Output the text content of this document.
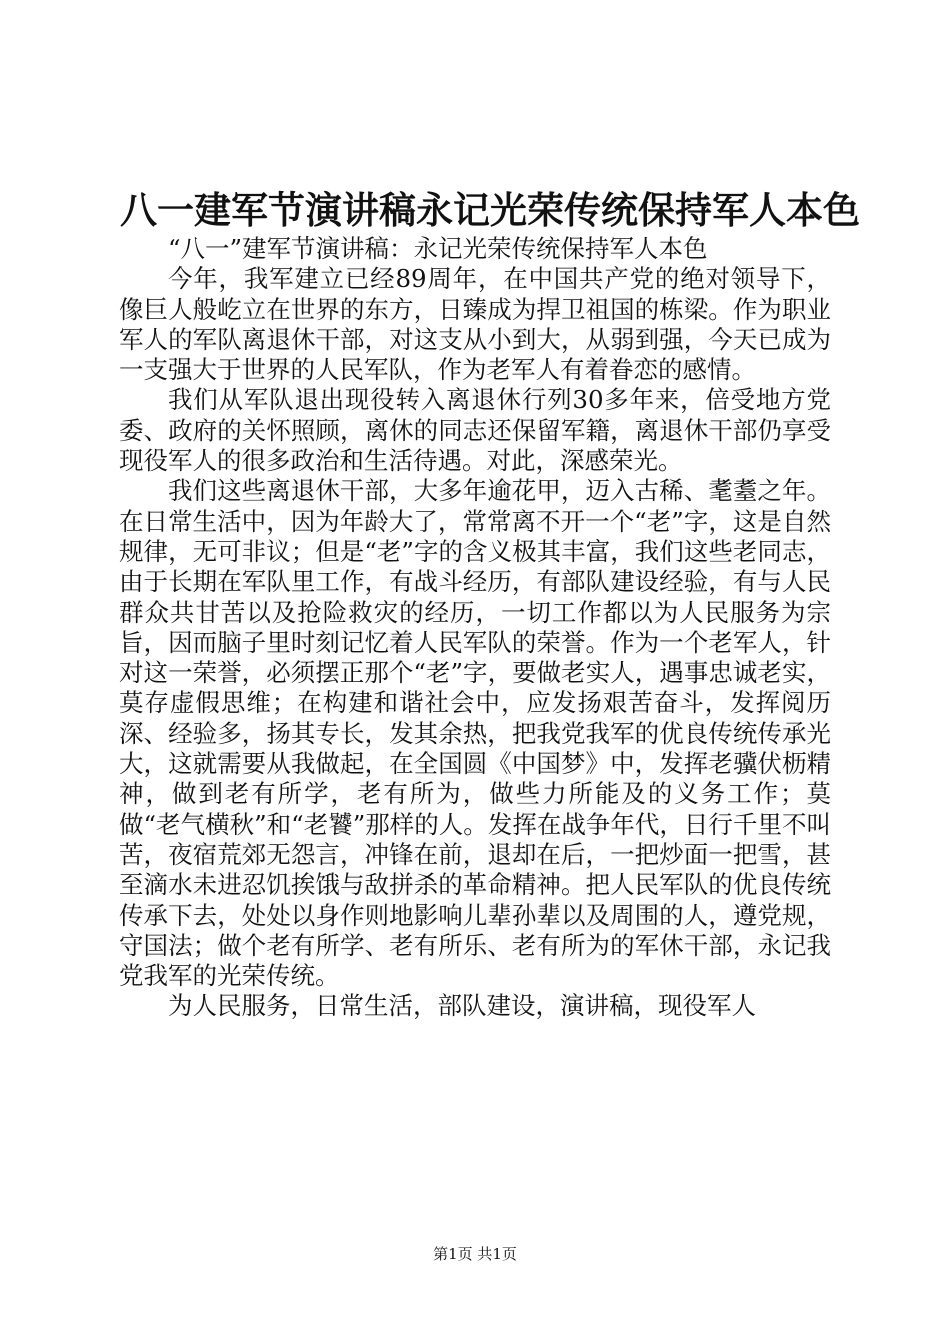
八一建军节演讲稿永记光荣传统保持军人本色

“八一”建军节演讲稿：永记光荣传统保持军人本色

今年，我军建立已经89周年，在中国共产党的绝对领导下，像巨人般屹立在世界的东方，日臻成为捍卫祖国的栋梁。作为职业军人的军队离退休干部，对这支从小到大，从弱到强，今天已成为一支强大于世界的人民军队，作为老军人有着眷恋的感情。

我们从军队退出现役转入离退休行列30多年来，倍受地方党委、政府的关怀照顾，离休的同志还保留军籍，离退休干部仍享受现役军人的很多政治和生活待遇。对此，深感荣光。

我们这些离退休干部，大多年逾花甲，迈入古稀、耄耋之年。在日常生活中，因为年龄大了，常常离不开一个“老”字，这是自然规律，无可非议；但是“老”字的含义极其丰富，我们这些老同志，由于长期在军队里工作，有战斗经历，有部队建设经验，有与人民群众共甘苦以及抢险救灾的经历，一切工作都以为人民服务为宗旨，因而脑子里时刻记忆着人民军队的荣誉。作为一个老军人，针对这一荣誉，必须摆正那个“老”字，要做老实人，遇事忠诚老实，莫存虚假思维；在构建和谐社会中，应发扬艰苦奋斗，发挥阅历深、经验多，扬其专长，发其余热，把我党我军的优良传统传承光大，这就需要从我做起，在全国圆《中国梦》中，发挥老骥伏枥精神，做到老有所学，老有所为，做些力所能及的义务工作；莫做“老气横秋”和“老饕”那样的人。发挥在战争年代，日行千里不叫苦，夜宿荒郊无怨言，冲锋在前，退却在后，一把炒面一把雪，甚至滴水未进忍饥挨饿与敌拼杀的革命精神。把人民军队的优良传统传承下去，处处以身作则地影响儿辈孙辈以及周围的人，遵党规，守国法；做个老有所学、老有所乐、老有所为的军休干部，永记我党我军的光荣传统。

为人民服务，日常生活，部队建设，演讲稿，现役军人

第1页 共1页
